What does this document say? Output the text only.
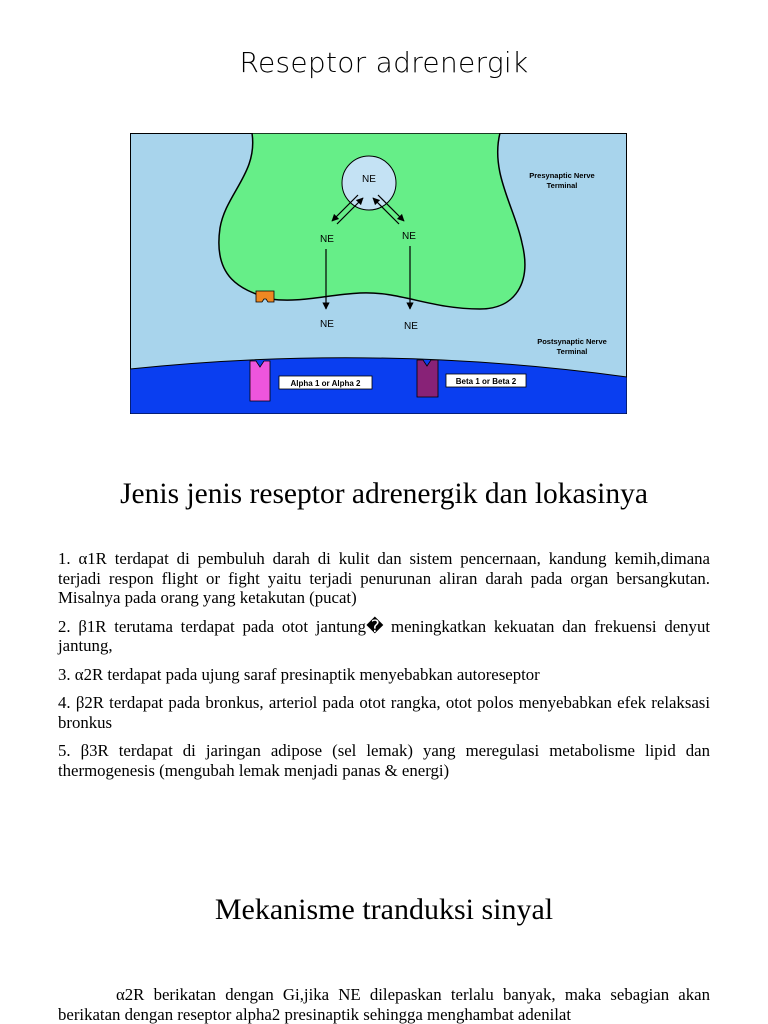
Reseptor adrenergik
NE
NE	NE
NE	NE
Alpha 1 or Alpha 2	Beta 1 or Beta 2
Presynaptic Nerve
Terminal
Postsynaptic Nerve
Terminal
Jenis jenis reseptor adrenergik dan lokasinya
1. α1R terdapat di pembuluh darah di kulit dan sistem pencernaan, kandung kemih,dimana terjadi respon flight or fight yaitu terjadi penurunan aliran darah pada organ bersangkutan. Misalnya pada orang yang ketakutan (pucat)
2. β1R terutama terdapat pada otot jantung� meningkatkan kekuatan dan frekuensi denyut jantung,
3. α2R terdapat pada ujung saraf presinaptik menyebabkan autoreseptor
4. β2R terdapat pada bronkus, arteriol pada otot rangka, otot polos menyebabkan efek relaksasi bronkus
5. β3R terdapat di jaringan adipose (sel lemak) yang meregulasi metabolisme lipid dan thermogenesis (mengubah lemak menjadi panas & energi)
Mekanisme tranduksi sinyal
α2R berikatan dengan Gi,jika NE dilepaskan terlalu banyak, maka sebagian akan berikatan dengan reseptor alpha2 presinaptik sehingga menghambat adenilat
